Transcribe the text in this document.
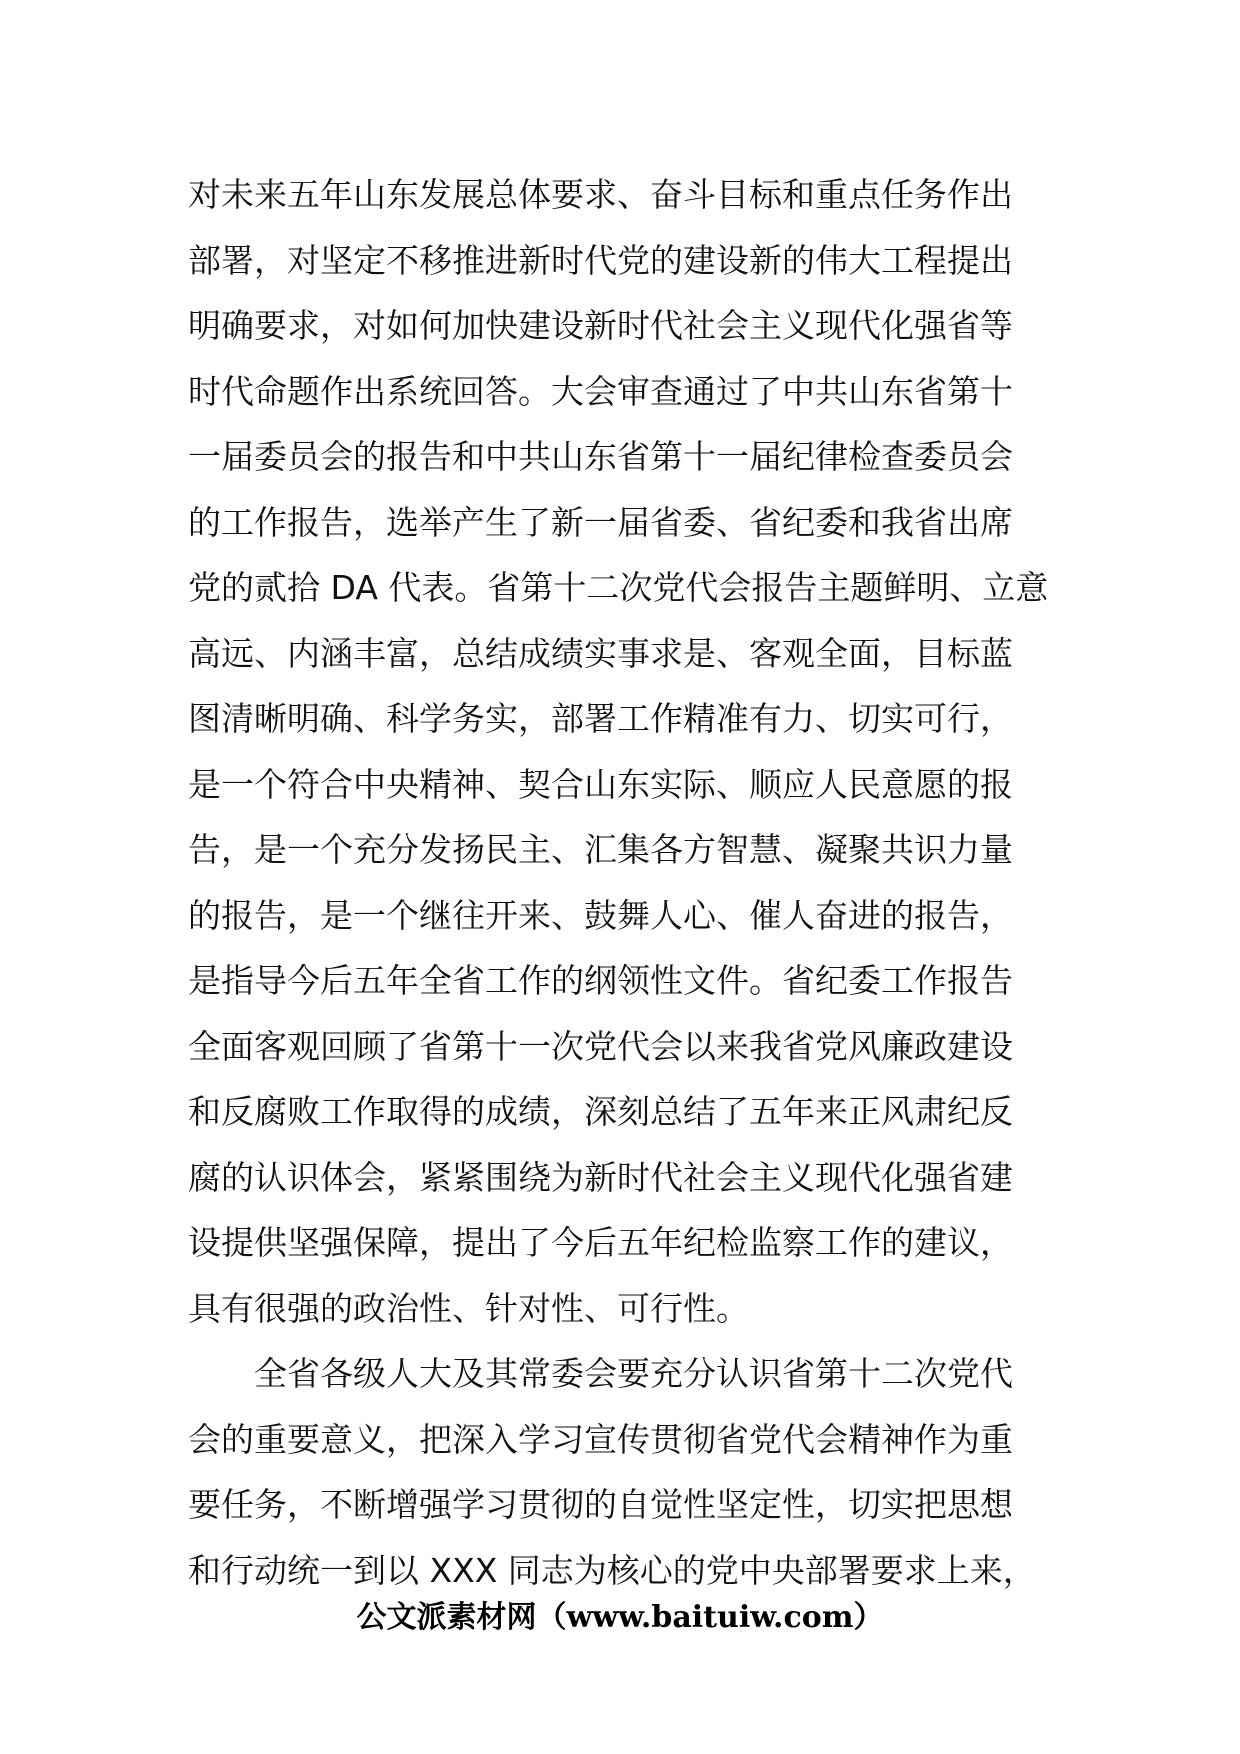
对未来五年山东发展总体要求、奋斗目标和重点任务作出
部署，对坚定不移推进新时代党的建设新的伟大工程提出
明确要求，对如何加快建设新时代社会主义现代化强省等
时代命题作出系统回答。大会审查通过了中共山东省第十
一届委员会的报告和中共山东省第十一届纪律检查委员会
的工作报告，选举产生了新一届省委、省纪委和我省出席
党的贰拾 DA 代表。省第十二次党代会报告主题鲜明、立意
高远、内涵丰富，总结成绩实事求是、客观全面，目标蓝
图清晰明确、科学务实，部署工作精准有力、切实可行，
是一个符合中央精神、契合山东实际、顺应人民意愿的报
告，是一个充分发扬民主、汇集各方智慧、凝聚共识力量
的报告，是一个继往开来、鼓舞人心、催人奋进的报告，
是指导今后五年全省工作的纲领性文件。省纪委工作报告
全面客观回顾了省第十一次党代会以来我省党风廉政建设
和反腐败工作取得的成绩，深刻总结了五年来正风肃纪反
腐的认识体会，紧紧围绕为新时代社会主义现代化强省建
设提供坚强保障，提出了今后五年纪检监察工作的建议，
具有很强的政治性、针对性、可行性。
全省各级人大及其常委会要充分认识省第十二次党代
会的重要意义，把深入学习宣传贯彻省党代会精神作为重
要任务，不断增强学习贯彻的自觉性坚定性，切实把思想
和行动统一到以 XXX 同志为核心的党中央部署要求上来，
公文派素材网（www.baituiw.com）
